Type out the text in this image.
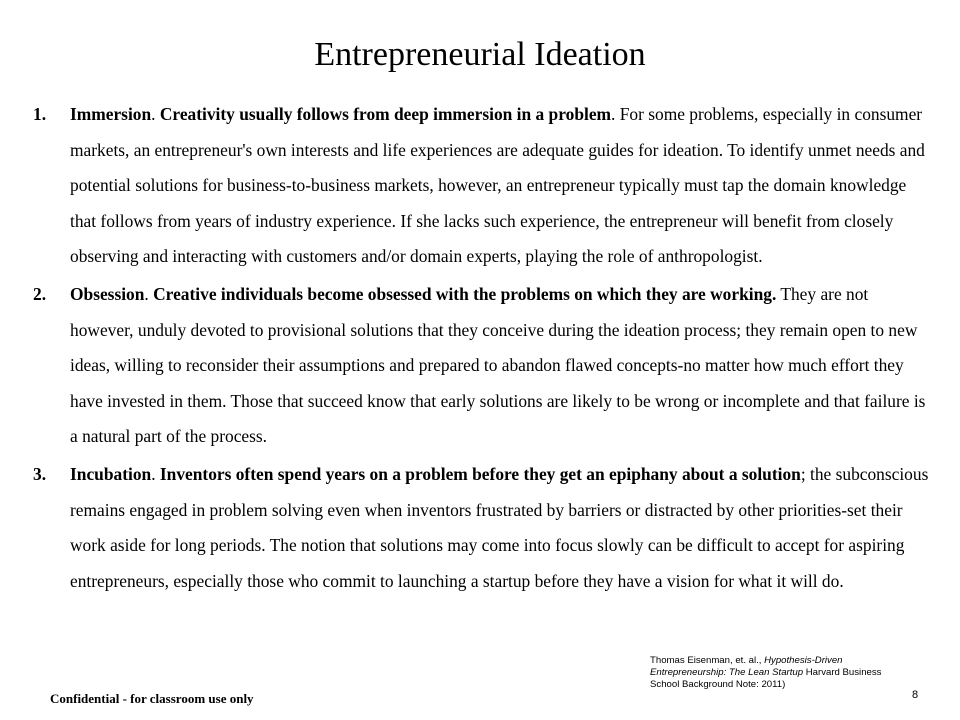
Entrepreneurial Ideation
1. Immersion. Creativity usually follows from deep immersion in a problem. For some problems, especially in consumer markets, an entrepreneur's own interests and life experiences are adequate guides for ideation. To identify unmet needs and potential solutions for business-to-business markets, however, an entrepreneur typically must tap the domain knowledge that follows from years of industry experience. If she lacks such experience, the entrepreneur will benefit from closely observing and interacting with customers and/or domain experts, playing the role of anthropologist.
2. Obsession. Creative individuals become obsessed with the problems on which they are working. They are not however, unduly devoted to provisional solutions that they conceive during the ideation process; they remain open to new ideas, willing to reconsider their assumptions and prepared to abandon flawed concepts-no matter how much effort they have invested in them. Those that succeed know that early solutions are likely to be wrong or incomplete and that failure is a natural part of the process.
3. Incubation. Inventors often spend years on a problem before they get an epiphany about a solution; the subconscious remains engaged in problem solving even when inventors frustrated by barriers or distracted by other priorities-set their work aside for long periods. The notion that solutions may come into focus slowly can be difficult to accept for aspiring entrepreneurs, especially those who commit to launching a startup before they have a vision for what it will do.
Thomas Eisenman, et. al., Hypothesis-Driven Entrepreneurship: The Lean Startup Harvard Business School Background Note: 2011)
Confidential - for classroom use only	8
